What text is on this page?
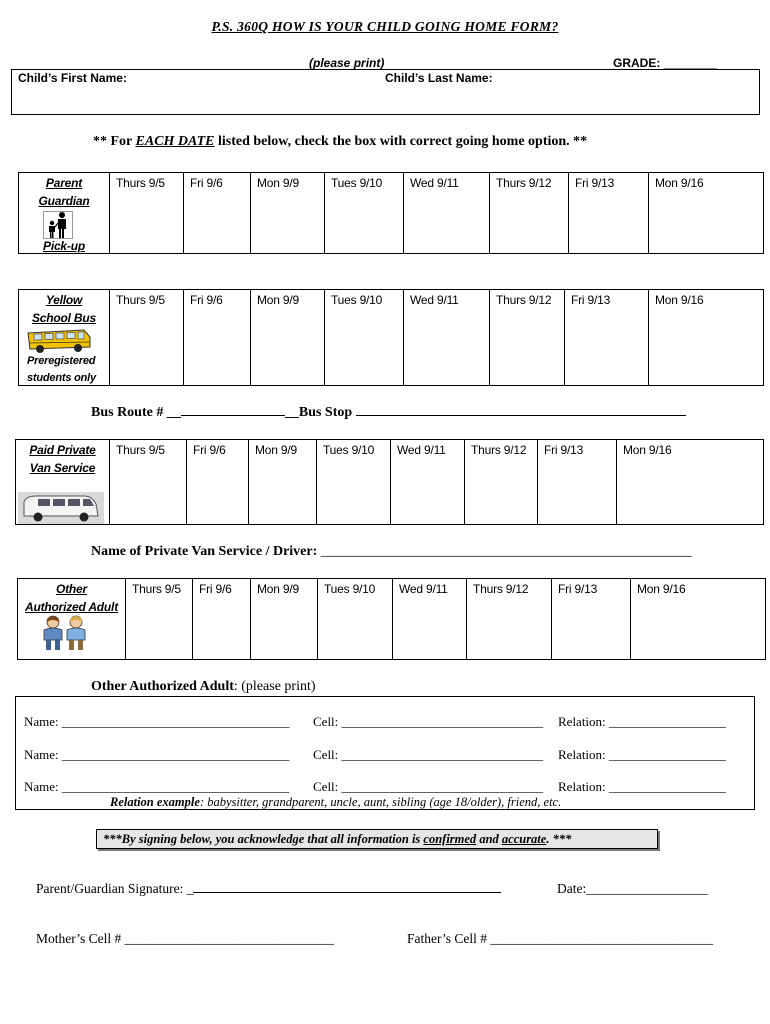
P.S. 360Q HOW IS YOUR CHILD GOING HOME FORM?
(please print)	GRADE: ________
Child’s First Name:	Child’s Last Name:
** For EACH DATE listed below, check the box with correct going home option. **
Parent
Guardian
Pick-up
Thurs 9/5	Fri 9/6	Mon 9/9	Tues 9/10	Wed 9/11	Thurs 9/12	Fri 9/13	Mon 9/16
Yellow
School Bus
Preregistered
students only
Thurs 9/5	Fri 9/6	Mon 9/9	Tues 9/10	Wed 9/11	Thurs 9/12	Fri 9/13	Mon 9/16
Bus Route # __	__Bus Stop
Paid Private
Van Service
Thurs 9/5	Fri 9/6	Mon 9/9	Tues 9/10	Wed 9/11	Thurs 9/12	Fri 9/13	Mon 9/16
Name of Private Van Service / Driver: _____________________________________________________
Other
Authorized Adult
Thurs 9/5	Fri 9/6	Mon 9/9	Tues 9/10	Wed 9/11	Thurs 9/12	Fri 9/13	Mon 9/16
Other Authorized Adult: (please print)
Name: ___________________________________ Cell: _______________________________ Relation: __________________
Name: ___________________________________ Cell: _______________________________ Relation: __________________
Name: ___________________________________ Cell: _______________________________ Relation: __________________
Relation example: babysitter, grandparent, uncle, aunt, sibling (age 18/older), friend, etc.
***By signing below, you acknowledge that all information is confirmed and accurate. ***
Parent/Guardian Signature: _	Date:__________________
Mother’s Cell # _______________________________	Father’s Cell # _________________________________
